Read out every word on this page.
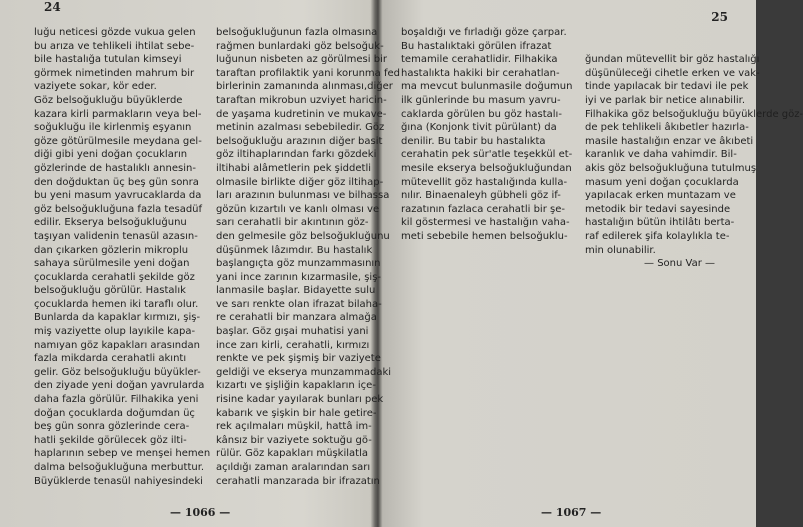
24
25
luğu neticesi gözde vukua gelen
bu arıza ve tehlikeli ihtilat sebe-
bile hastalığa tutulan kimseyi
görmek nimetinden mahrum bir
vaziyete sokar, kör eder.
Göz belsoğukluğu büyüklerde
kazara kirli parmakların veya bel-
soğukluğu ile kirlenmiş eşyanın
göze götürülmesile meydana gel-
diği gibi yeni doğan çocukların
gözlerinde de hastalıklı annesin-
den doğduktan üç beş gün sonra
bu yeni masum yavrucaklarda da
göz belsoğukluğuna fazla tesadüf
edilir. Ekserya belsoğukluğunu
taşıyan validenin tenasül azasın-
dan çıkarken gözlerin mikroplu
sahaya sürülmesile yeni doğan
çocuklarda cerahatli şekilde göz
belsoğukluğu görülür. Hastalık
çocuklarda hemen iki taraflı olur.
Bunlarda da kapaklar kırmızı, şiş-
miş vaziyette olup layıkile kapa-
namıyan göz kapakları arasından
fazla mikdarda cerahatli akıntı
gelir. Göz belsoğukluğu büyükler-
den ziyade yeni doğan yavrularda
daha fazla görülür. Filhakika yeni
doğan çocuklarda doğumdan üç
beş gün sonra gözlerinde cera-
hatli şekilde görülecek göz ilti-
haplarının sebep ve menşei hemen
dalma belsoğukluğuna merbuttur.
Büyüklerde tenasül nahiyesindeki
belsoğukluğunun fazla olmasına
rağmen bunlardaki göz belsoğuk-
luğunun nisbeten az görülmesi bir
taraftan profilaktik yani korunma fed
birlerinin zamanında alınması,diğer
taraftan mikrobun uzviyet haricin-
de yaşama kudretinin ve mukave-
metinin azalması sebebiledir. Göz
belsoğukluğu arazının diğer basit
göz iltihaplarından farkı gözdeki
iltihabi alâmetlerin pek şiddetli
olmasile birlikte diğer göz iltihap-
ları arazının bulunması ve bilhassa
gözün kızartılı ve kanlı olması ve
sarı cerahatli bir akıntının göz-
den gelmesile göz belsoğukluğunu
düşünmek lâzımdır. Bu hastalık
başlangıçta göz munzammasının
yani ince zarının kızarmasile, şiş-
lanmasile başlar. Bidayette sulu
ve sarı renkte olan ifrazat bilaha-
re cerahatli bir manzara almağa
başlar. Göz gışai muhatisi yani
ince zarı kirli, cerahatli, kırmızı
renkte ve pek şişmiş bir vaziyete
geldiği ve ekserya munzammadaki
kızartı ve şişliğin kapakların içe-
risine kadar yayılarak bunları pek
kabarık ve şişkin bir hale getire-
rek açılmaları müşkil, hattâ im-
kânsız bir vaziyete soktuğu gö-
rülür. Göz kapakları müşkilatla
açıldığı zaman aralarından sarı
cerahatli manzarada bir ifrazatın
boşaldığı ve fırladığı göze çarpar.
Bu hastalıktaki görülen ifrazat
temamile cerahatlidir. Filhakika
hastalıkta hakiki bir cerahatlan-
ma mevcut bulunmasile doğumun
ilk günlerinde bu masum yavru-
caklarda görülen bu göz hastalı-
ğına (Konjonk tivit pürülant) da
denilir. Bu tabir bu hastalıkta
cerahatin pek sür'atle teşekkül et-
mesile ekserya belsoğukluğundan
mütevellit göz hastalığında kulla-
nılır. Binaenaleyh gübheli göz if-
razatının fazlaca cerahatli bir şe-
kil göstermesi ve hastalığın vaha-
meti sebebile hemen belsoğuklu-

ğundan mütevellit bir göz hastalığı
düşünüleceği cihetle erken ve vak-
tinde yapılacak bir tedavi ile pek
iyi ve parlak bir netice alınabilir.
Filhakika göz belsoğukluğu büyüklerde göz-
de pek tehlikeli âkıbetler hazırla-
masile hastalığın enzar ve âkıbeti
karanlık ve daha vahimdir. Bil-
akis göz belsoğukluğuna tutulmuş
masum yeni doğan çocuklarda
yapılacak erken muntazam ve
metodik bir tedavi sayesinde
hastalığın bütün ihtilâtı berta-
raf edilerek şifa kolaylıkla te-
min olunabilir.
— Sonu Var —
— 1066 —	— 1067 —
